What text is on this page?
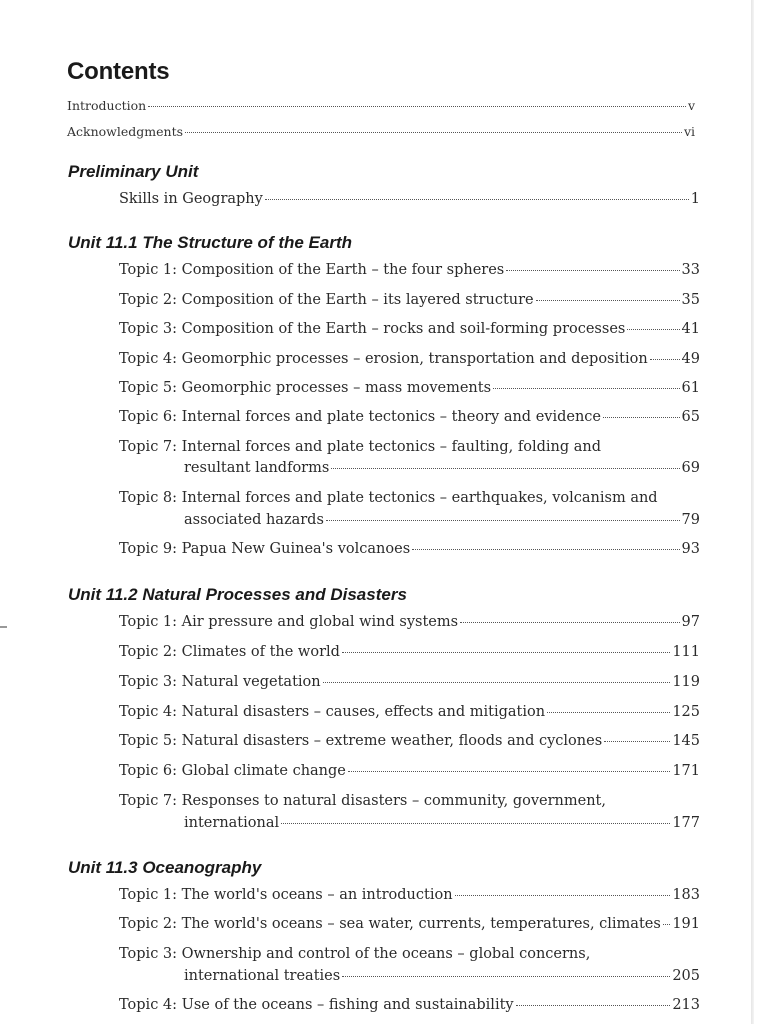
Contents
Introduction	v
Acknowledgments	vi
Preliminary Unit
Skills in Geography	1
Unit 11.1 The Structure of the Earth
Topic 1: Composition of the Earth – the four spheres	33
Topic 2: Composition of the Earth – its layered structure	35
Topic 3: Composition of the Earth – rocks and soil-forming processes	41
Topic 4: Geomorphic processes – erosion, transportation and deposition 49
Topic 5: Geomorphic processes – mass movements	61
Topic 6: Internal forces and plate tectonics – theory and evidence	65
Topic 7: Internal forces and plate tectonics – faulting, folding and
resultant landforms	69
Topic 8: Internal forces and plate tectonics – earthquakes, volcanism and
associated hazards	79
Topic 9: Papua New Guinea's volcanoes	93
Unit 11.2 Natural Processes and Disasters
Topic 1: Air pressure and global wind systems	97
Topic 2: Climates of the world	111
Topic 3: Natural vegetation	119
Topic 4: Natural disasters – causes, effects and mitigation	125
Topic 5: Natural disasters – extreme weather, floods and cyclones	145
Topic 6: Global climate change	171
Topic 7: Responses to natural disasters – community, government,
international	177
Unit 11.3 Oceanography
Topic 1: The world's oceans – an introduction	183
Topic 2: The world's oceans – sea water, currents, temperatures, climates 191
Topic 3: Ownership and control of the oceans – global concerns,
international treaties	205
Topic 4: Use of the oceans – fishing and sustainability	213
